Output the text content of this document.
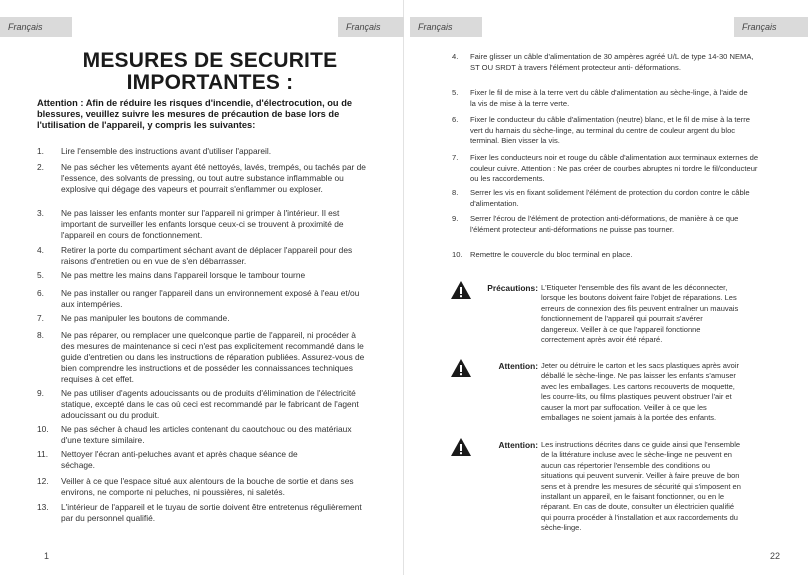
Français	Français
MESURES DE SECURITE
IMPORTANTES :
Attention : Afin de réduire les risques d'incendie, d'électrocution, ou de blessures, veuillez suivre les mesures de précaution de base lors de l'utilisation de l'appareil, y compris les suivantes:
1.	Lire l'ensemble des instructions avant d'utiliser l'appareil.
2.	Ne pas sécher les vêtements ayant été nettoyés, lavés, trempés, ou tachés par de l'essence, des solvants de pressing, ou tout autre substance inflammable ou explosive qui dégage des vapeurs et pourrait s'enflammer ou exploser.
3.	Ne pas laisser les enfants monter sur l'appareil ni grimper à l'intérieur. Il est important de surveiller les enfants lorsque ceux-ci se trouvent à proximité de l'appareil en cours de fonctionnement.
4.	Retirer la porte du compartiment séchant avant de déplacer l'appareil pour des raisons d'entretien ou en vue de s'en débarrasser.
5.	Ne pas mettre les mains dans l'appareil lorsque le tambour tourne
6.	Ne pas installer ou ranger l'appareil dans un environnement exposé à l'eau et/ou aux intempéries.
7.	Ne pas manipuler les boutons de commande.
8.	Ne pas réparer, ou remplacer une quelconque partie de l'appareil, ni procéder à des mesures de maintenance si ceci n'est pas explicitement recommandé dans le guide d'entretien ou dans les instructions de réparation publiées. Assurez-vous de bien comprendre les instructions et de posséder les connaissances techniques requises à cet effet.
9.	Ne pas utiliser d'agents adoucissants ou de produits d'élimination de l'électricité statique, excepté dans le cas où ceci est recommandé par le fabricant de l'agent adoucissant ou du produit.
10.	Ne pas sécher à chaud les articles contenant du caoutchouc ou des matériaux d'une texture similaire.
11.	Nettoyer l'écran anti-peluches avant et après chaque séance de séchage.
12.	Veiller à ce que l'espace situé aux alentours de la bouche de sortie et dans ses environs, ne comporte ni peluches, ni poussières, ni saletés.
13.	L'intérieur de l'appareil et le tuyau de sortie doivent être entretenus régulièrement par du personnel qualifié.
1
Français	Français
4.	Faire glisser un câble d'alimentation de 30 ampères agréé U/L de type 14-30 NEMA, ST OU SRDT à travers l'élément protecteur anti- déformations.
5.	Fixer le fil de mise à la terre vert du câble d'alimentation au sèche-linge, à l'aide de la vis de mise à la terre verte.
6.	Fixer le conducteur du câble d'alimentation (neutre) blanc, et le fil de mise à la terre vert du harnais du sèche-linge, au terminal du centre de couleur argent du bloc terminal. Bien visser la vis.
7.	Fixer les conducteurs noir et rouge du câble d'alimentation aux terminaux externes de couleur cuivre. Attention : Ne pas créer de courbes abruptes ni tordre le fil/conducteur ou les raccordements.
8.	Serrer les vis en fixant solidement l'élément de protection du cordon contre le câble d'alimentation.
9.	Serrer l'écrou de l'élément de protection anti-déformations, de manière à ce que l'élément protecteur anti-déformations ne puisse pas tourner.
10. Remettre le couvercle du bloc terminal en place.
Précautions: L'Etiqueter l'ensemble des fils avant de les déconnecter, lorsque les boutons doivent faire l'objet de réparations. Les erreurs de connexion des fils peuvent entraîner un mauvais fonctionnement de l'appareil qui pourrait s'avérer dangereux. Veiller à ce que l'appareil fonctionne correctement après avoir été réparé.
Attention: Jeter ou détruire le carton et les sacs plastiques après avoir déballé le sèche-linge. Ne pas laisser les enfants s'amuser avec les emballages. Les cartons recouverts de moquette, les courre-lits, ou films plastiques peuvent obstruer l'air et causer la mort par suffocation. Veiller à ce que les emballages ne soient jamais à la portée des enfants.
Attention: Les instructions décrites dans ce guide ainsi que l'ensemble de la littérature incluse avec le sèche-linge ne peuvent en aucun cas répertorier l'ensemble des conditions ou situations qui peuvent survenir. Veiller à faire preuve de bon sens et à prendre les mesures de sécurité qui s'imposent en installant un appareil, en le faisant fonctionner, ou en le réparant. En cas de doute, consulter un électricien qualifié qui pourra procéder à l'installation et aux raccordements du sèche-linge.
22
